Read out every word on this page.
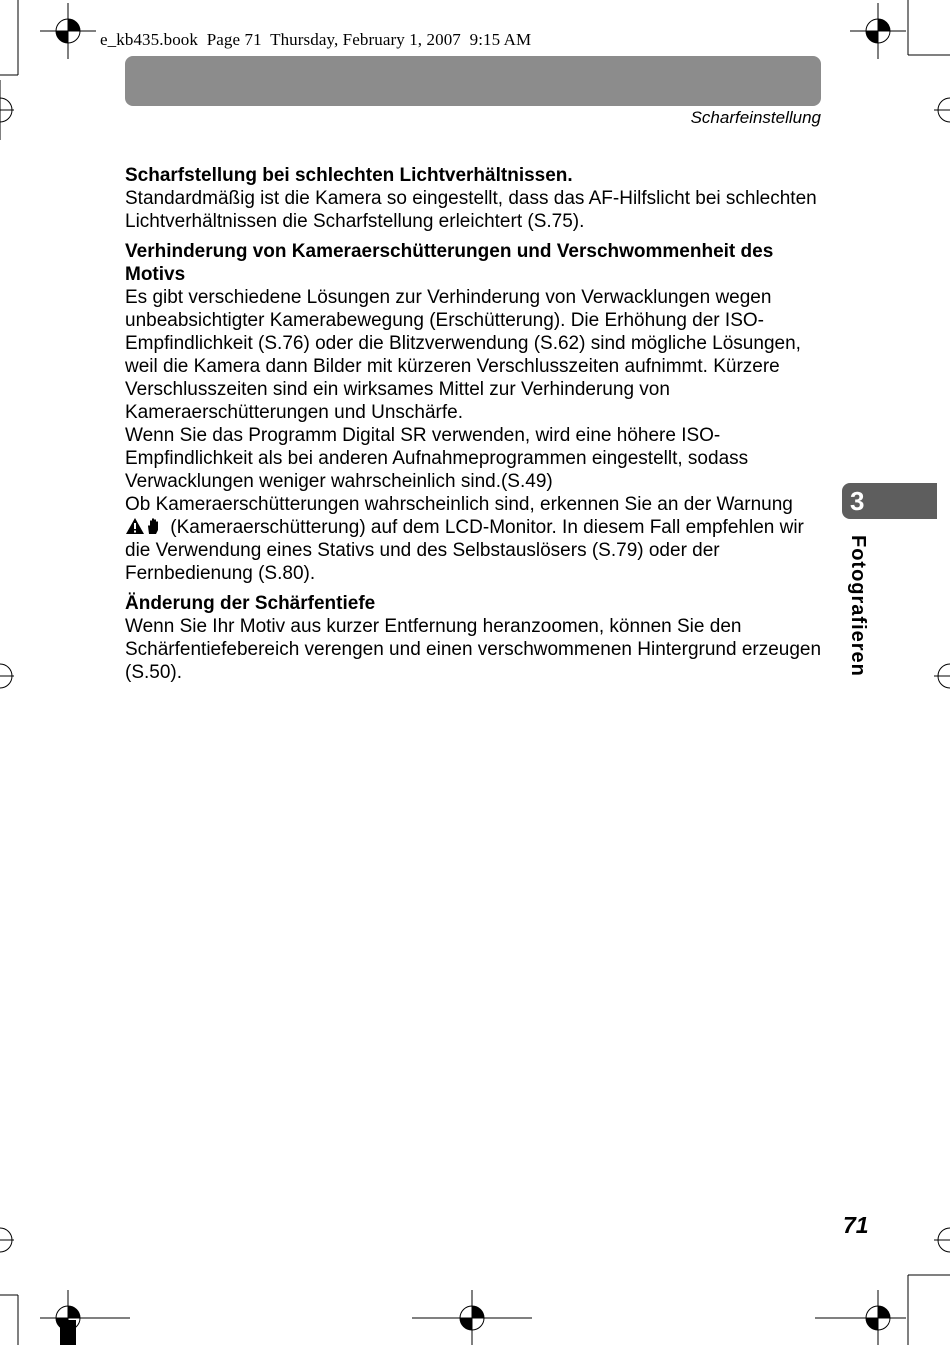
e_kb435.book  Page 71  Thursday, February 1, 2007  9:15 AM
Scharfeinstellung
Scharfstellung bei schlechten Lichtverhältnissen.
Standardmäßig ist die Kamera so eingestellt, dass das AF-Hilfslicht bei schlechten Lichtverhältnissen die Scharfstellung erleichtert (S.75).
Verhinderung von Kameraerschütterungen und Verschwommenheit des Motivs
Es gibt verschiedene Lösungen zur Verhinderung von Verwacklungen wegen unbeabsichtigter Kamerabewegung (Erschütterung). Die Erhöhung der ISO-Empfindlichkeit (S.76) oder die Blitzverwendung (S.62) sind mögliche Lösungen, weil die Kamera dann Bilder mit kürzeren Verschlusszeiten aufnimmt. Kürzere Verschlusszeiten sind ein wirksames Mittel zur Verhinderung von Kameraerschütterungen und Unschärfe.
Wenn Sie das Programm Digital SR verwenden, wird eine höhere ISO-Empfindlichkeit als bei anderen Aufnahmeprogrammen eingestellt, sodass Verwacklungen weniger wahrscheinlich sind.(S.49)
Ob Kameraerschütterungen wahrscheinlich sind, erkennen Sie an der Warnung  (Kameraerschütterung) auf dem LCD-Monitor. In diesem Fall empfehlen wir die Verwendung eines Stativs und des Selbstauslösers (S.79) oder der Fernbedienung (S.80).
Änderung der Schärfentiefe
Wenn Sie Ihr Motiv aus kurzer Entfernung heranzoomen, können Sie den Schärfentiefebereich verengen und einen verschwommenen Hintergrund erzeugen (S.50).
3
Fotografieren
71
